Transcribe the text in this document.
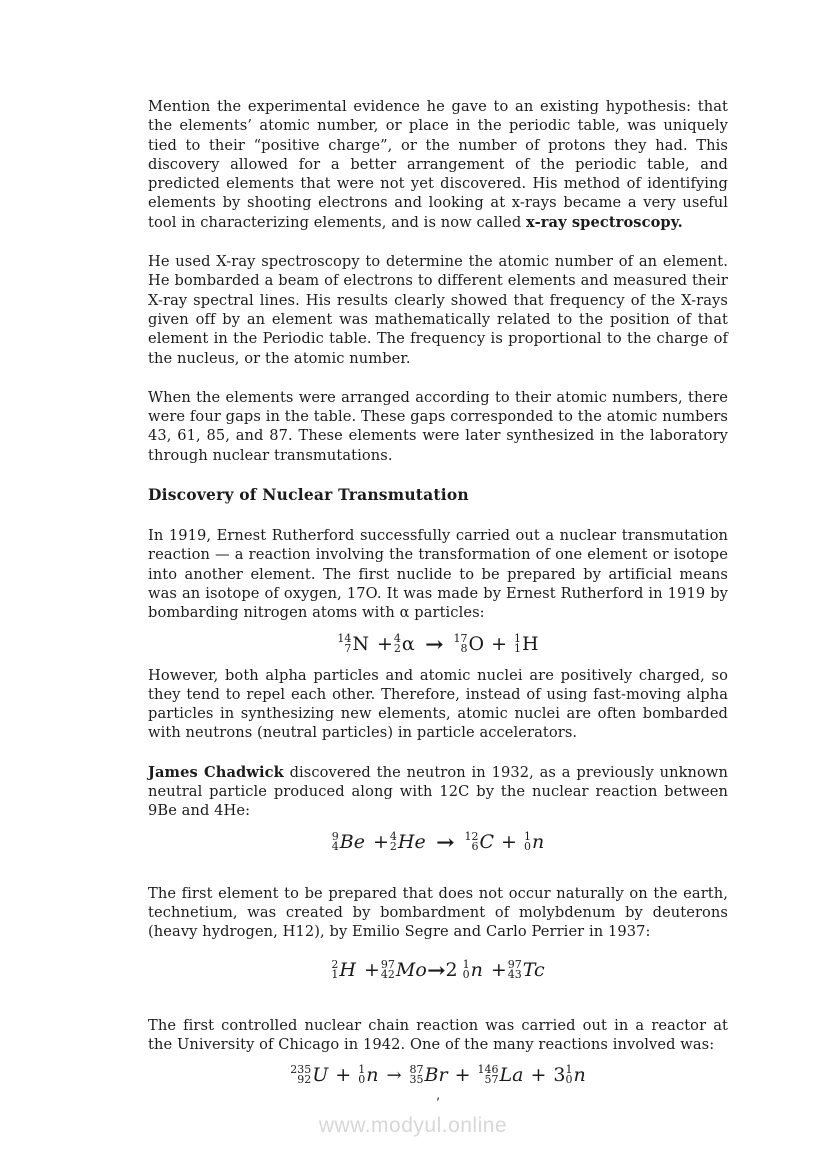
Mention the experimental evidence he gave to an existing hypothesis: that the elements’ atomic number, or place in the periodic table, was uniquely tied to their “positive charge”, or the number of protons they had. This discovery allowed for a better arrangement of the periodic table, and predicted elements that were not yet discovered. His method of identifying elements by shooting electrons and looking at x-rays became a very useful tool in characterizing elements, and is now called x-ray spectroscopy.

He used X-ray spectroscopy to determine the atomic number of an element. He bombarded a beam of electrons to different elements and measured their X-ray spectral lines. His results clearly showed that frequency of the X-rays given off by an element was mathematically related to the position of that element in the Periodic table. The frequency is proportional to the charge of the nucleus, or the atomic number.

When the elements were arranged according to their atomic numbers, there were four gaps in the table. These gaps corresponded to the atomic numbers 43, 61, 85, and 87. These elements were later synthesized in the laboratory through nuclear transmutations.

Discovery of Nuclear Transmutation

In 1919, Ernest Rutherford successfully carried out a nuclear transmutation reaction — a reaction involving the transformation of one element or isotope into another element. The first nuclide to be prepared by artificial means was an isotope of oxygen, 17O. It was made by Ernest Rutherford in 1919 by bombarding nitrogen atoms with α particles:

14
7 N + 4
2 α → 17
8 O + 1
1 H

However, both alpha particles and atomic nuclei are positively charged, so they tend to repel each other. Therefore, instead of using fast-moving alpha particles in synthesizing new elements, atomic nuclei are often bombarded with neutrons (neutral particles) in particle accelerators.

James Chadwick discovered the neutron in 1932, as a previously unknown neutral particle produced along with 12C by the nuclear reaction between 9Be and 4He:

9
4 Be + 4
2 He → 12
6 C + 1
0 n

The first element to be prepared that does not occur naturally on the earth, technetium, was created by bombardment of molybdenum by deuterons (heavy hydrogen, H12), by Emilio Segre and Carlo Perrier in 1937:

2
1 H + 97
42 Mo →2 1
0 n + 97
43 Tc

The first controlled nuclear chain reaction was carried out in a reactor at the University of Chicago in 1942. One of the many reactions involved was:

235
92 U + 1
0 n → 87
35 Br + 146
57 La + 3 1
0 n
’
www.modyul.online
